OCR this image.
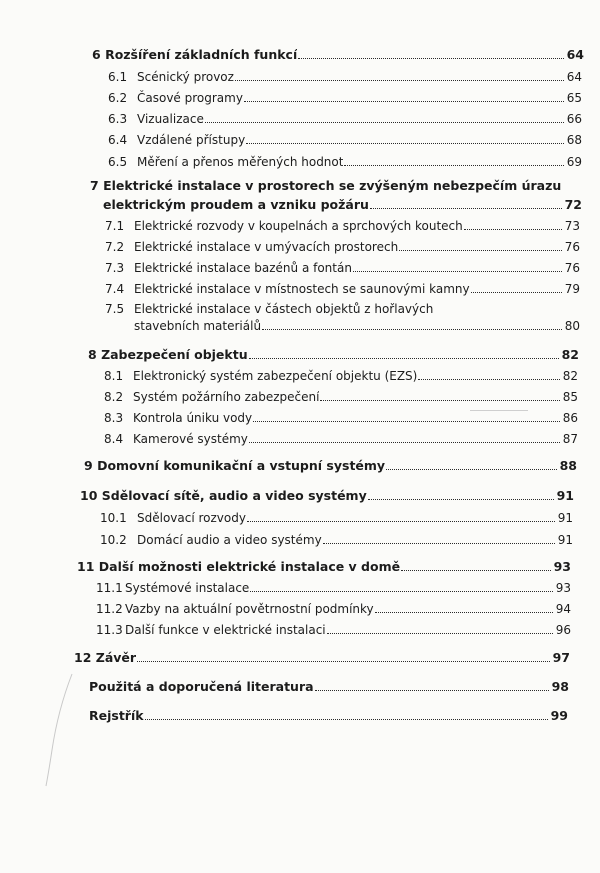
6 Rozšíření základních funkcí	64
6.1 Scénický provoz	64
6.2 Časové programy	65
6.3 Vizualizace	66
6.4 Vzdálené přístupy	68
6.5 Měření a přenos měřených hodnot	69
7 Elektrické instalace v prostorech se zvýšeným nebezpečím úrazu
elektrickým proudem a vzniku požáru	72
7.1 Elektrické rozvody v koupelnách a sprchových koutech	73
7.2 Elektrické instalace v umývacích prostorech	76
7.3 Elektrické instalace bazénů a fontán	76
7.4 Elektrické instalace v místnostech se saunovými kamny	79
7.5 Elektrické instalace v částech objektů z hořlavých
stavebních materiálů	80
8 Zabezpečení objektu	82
8.1 Elektronický systém zabezpečení objektu (EZS)	82
8.2 Systém požárního zabezpečení	85
8.3 Kontrola úniku vody	86
8.4 Kamerové systémy	87
9 Domovní komunikační a vstupní systémy	88
10 Sdělovací sítě, audio a video systémy	91
10.1 Sdělovací rozvody	91
10.2 Domácí audio a video systémy	91
11 Další možnosti elektrické instalace v domě	93
11.1 Systémové instalace	93
11.2 Vazby na aktuální povětrnostní podmínky	94
11.3 Další funkce v elektrické instalaci	96
12 Závěr	97
Použitá a doporučená literatura	98
Rejstřík	99
